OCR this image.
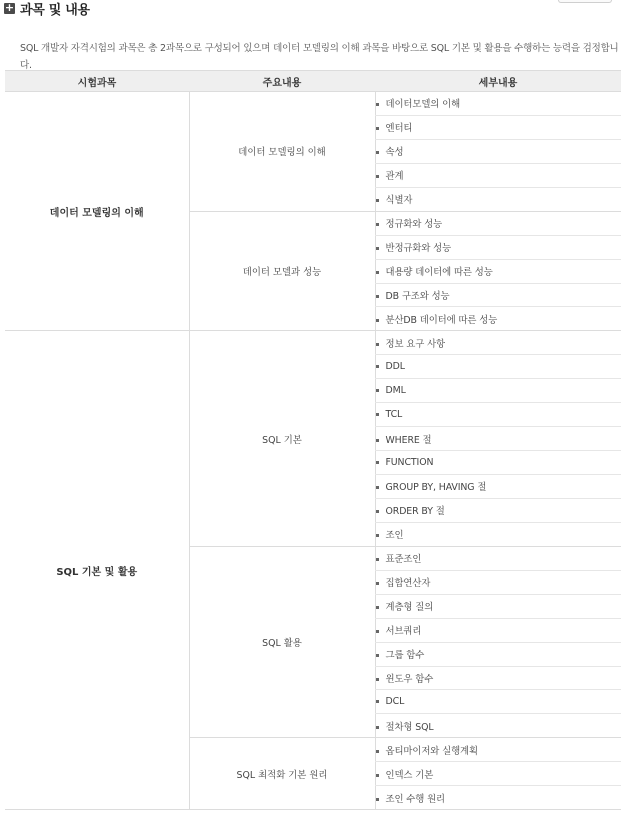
+ 과목 및 내용

SQL 개발자 자격시험의 과목은 총 2과목으로 구성되어 있으며 데이터 모델링의 이해 과목을 바탕으로 SQL 기본 및 활용을 수행하는 능력을 검정합니다.

시험과목	주요내용	세부내용
데이터 모델링의 이해	데이터 모델링의 이해	데이터모델의 이해
		엔터티
		속성
		관계
		식별자
	데이터 모델과 성능	정규화와 성능
		반정규화와 성능
		대용량 데이터에 따른 성능
		DB 구조와 성능
		분산DB 데이터에 따른 성능
SQL 기본 및 활용	SQL 기본	정보 요구 사항
		DDL
		DML
		TCL
		WHERE 절
		FUNCTION
		GROUP BY, HAVING 절
		ORDER BY 절
		조인
	SQL 활용	표준조인
		집합연산자
		계층형 질의
		서브쿼리
		그룹 함수
		윈도우 함수
		DCL
		절차형 SQL
	SQL 최적화 기본 원리	옵티마이저와 실행계획
		인덱스 기본
		조인 수행 원리
